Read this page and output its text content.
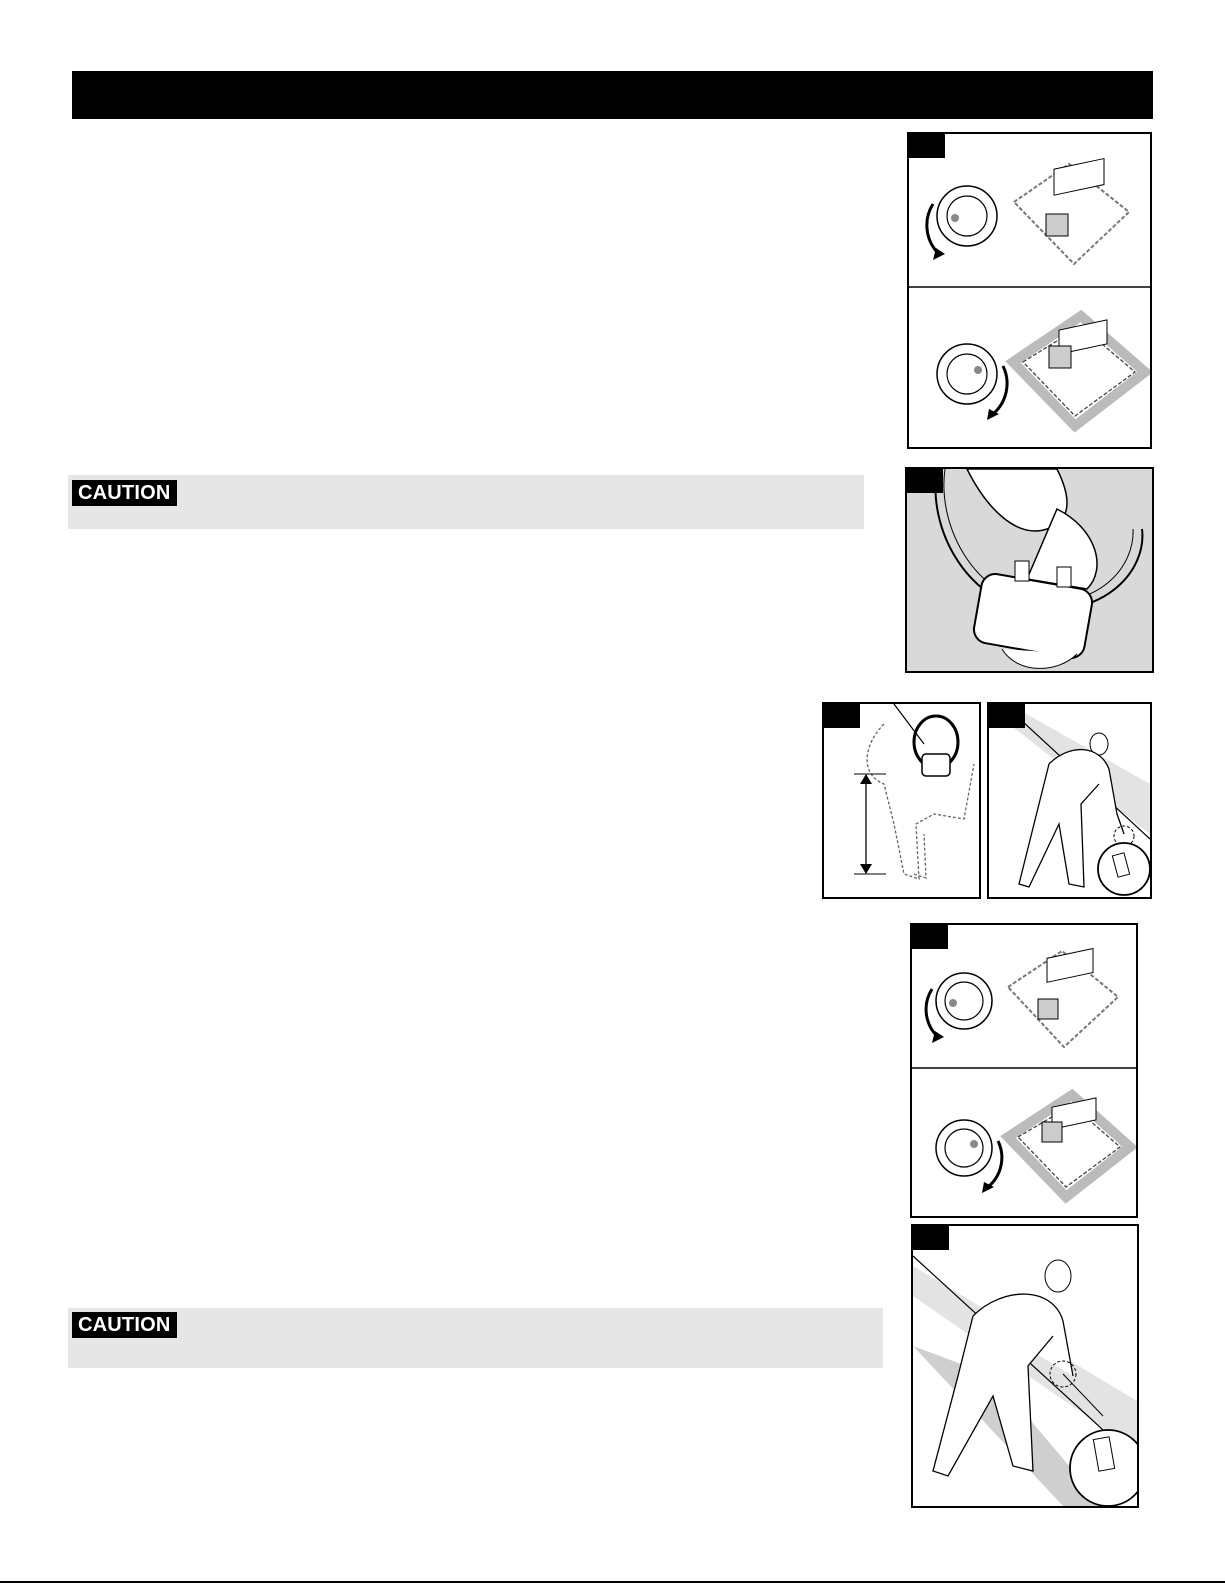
CAUTION
CAUTION
